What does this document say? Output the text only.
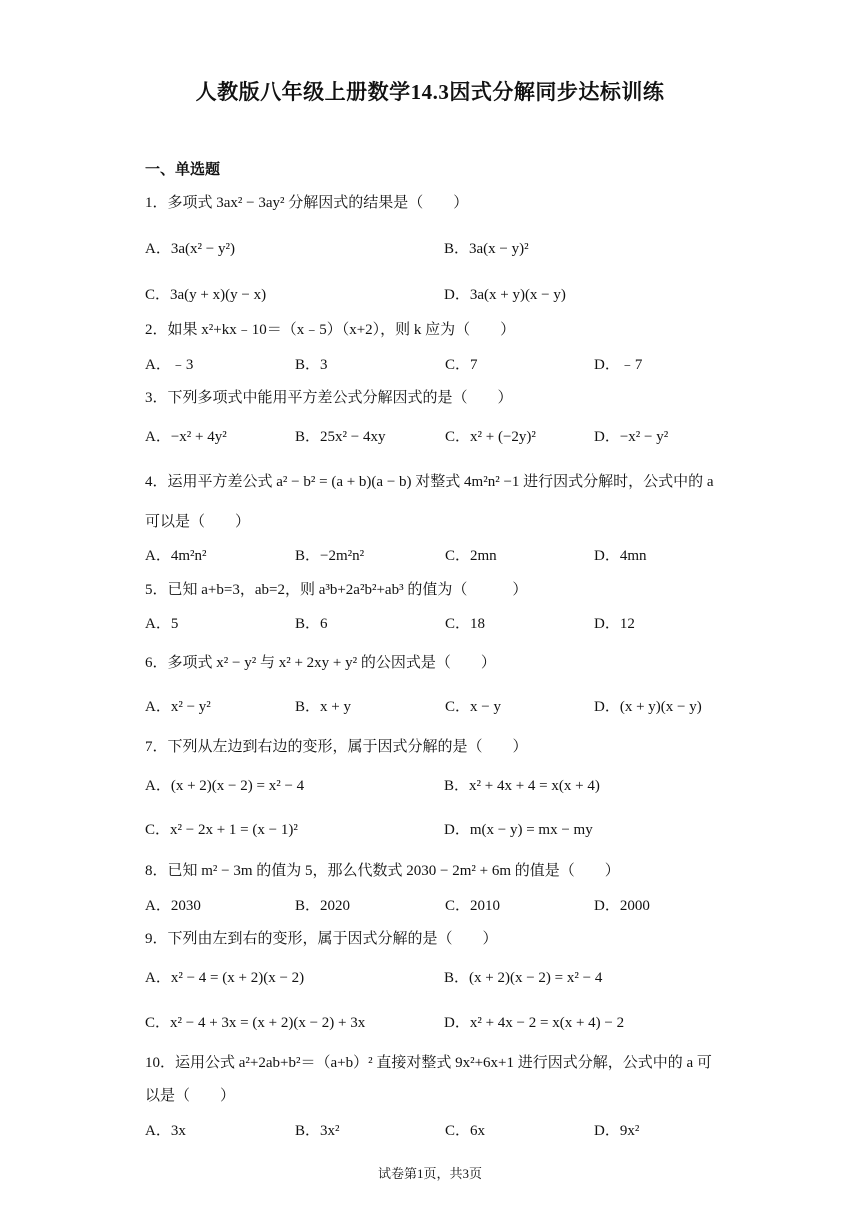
人教版八年级上册数学14.3因式分解同步达标训练
一、单选题
1．多项式 3ax² − 3ay² 分解因式的结果是（　　）
A．3a(x² − y²)	B．3a(x − y)²
C．3a(y + x)(y − x)	D．3a(x + y)(x − y)
2．如果 x²+kx﹣10＝（x﹣5）（x+2），则 k 应为（　　）
A．﹣3	B．3	C．7	D．﹣7
3．下列多项式中能用平方差公式分解因式的是（　　）
A．−x² + 4y²	B．25x² − 4xy	C．x² + (−2y)²	D．−x² − y²
4．运用平方差公式 a² − b² = (a + b)(a − b) 对整式 4m²n² −1 进行因式分解时，公式中的 a
可以是（　　）
A．4m²n²	B．−2m²n²	C．2mn	D．4mn
5．已知 a+b=3，ab=2，则 a³b+2a²b²+ab³ 的值为（　　　）
A．5	B．6	C．18	D．12
6．多项式 x² − y² 与 x² + 2xy + y² 的公因式是（　　）
A．x² − y²	B．x + y	C．x − y	D．(x + y)(x − y)
7．下列从左边到右边的变形，属于因式分解的是（　　）
A．(x + 2)(x − 2) = x² − 4	B．x² + 4x + 4 = x(x + 4)
C．x² − 2x + 1 = (x − 1)²	D．m(x − y) = mx − my
8．已知 m² − 3m 的值为 5，那么代数式 2030 − 2m² + 6m 的值是（　　）
A．2030	B．2020	C．2010	D．2000
9．下列由左到右的变形，属于因式分解的是（　　）
A．x² − 4 = (x + 2)(x − 2)	B．(x + 2)(x − 2) = x² − 4
C．x² − 4 + 3x = (x + 2)(x − 2) + 3x	D．x² + 4x − 2 = x(x + 4) − 2
10．运用公式 a²+2ab+b²＝（a+b）² 直接对整式 9x²+6x+1 进行因式分解，公式中的 a 可
以是（　　）
A．3x	B．3x²	C．6x	D．9x²
试卷第1页，共3页
